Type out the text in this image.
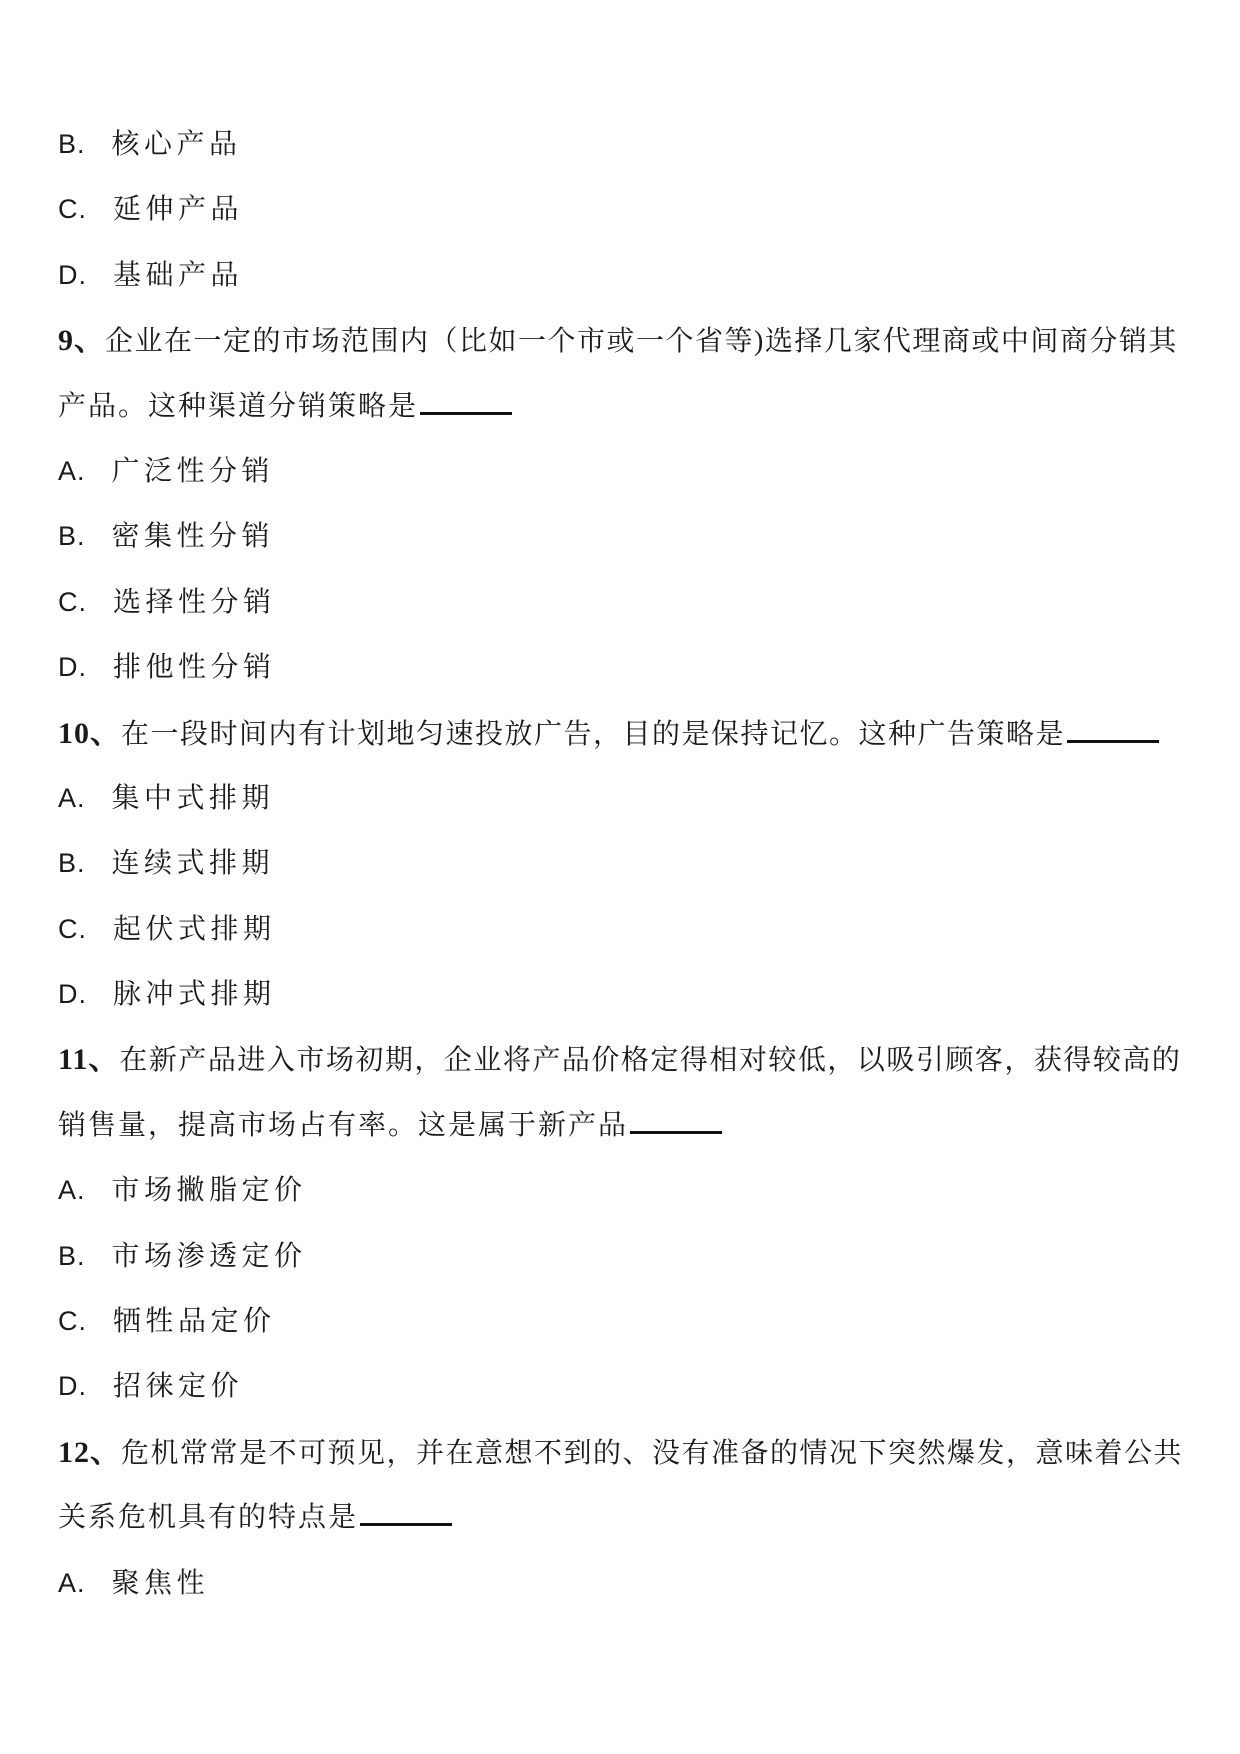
B. 核心产品
C. 延伸产品
D. 基础产品
9、企业在一定的市场范围内（比如一个市或一个省等)选择几家代理商或中间商分销其
产品。这种渠道分销策略是
A. 广泛性分销
B. 密集性分销
C. 选择性分销
D. 排他性分销
10、在一段时间内有计划地匀速投放广告，目的是保持记忆。这种广告策略是
A. 集中式排期
B. 连续式排期
C. 起伏式排期
D. 脉冲式排期
11、在新产品进入市场初期，企业将产品价格定得相对较低，以吸引顾客，获得较高的
销售量，提高市场占有率。这是属于新产品
A. 市场撇脂定价
B. 市场渗透定价
C. 牺牲品定价
D. 招徕定价
12、危机常常是不可预见，并在意想不到的、没有准备的情况下突然爆发，意味着公共
关系危机具有的特点是
A. 聚焦性
